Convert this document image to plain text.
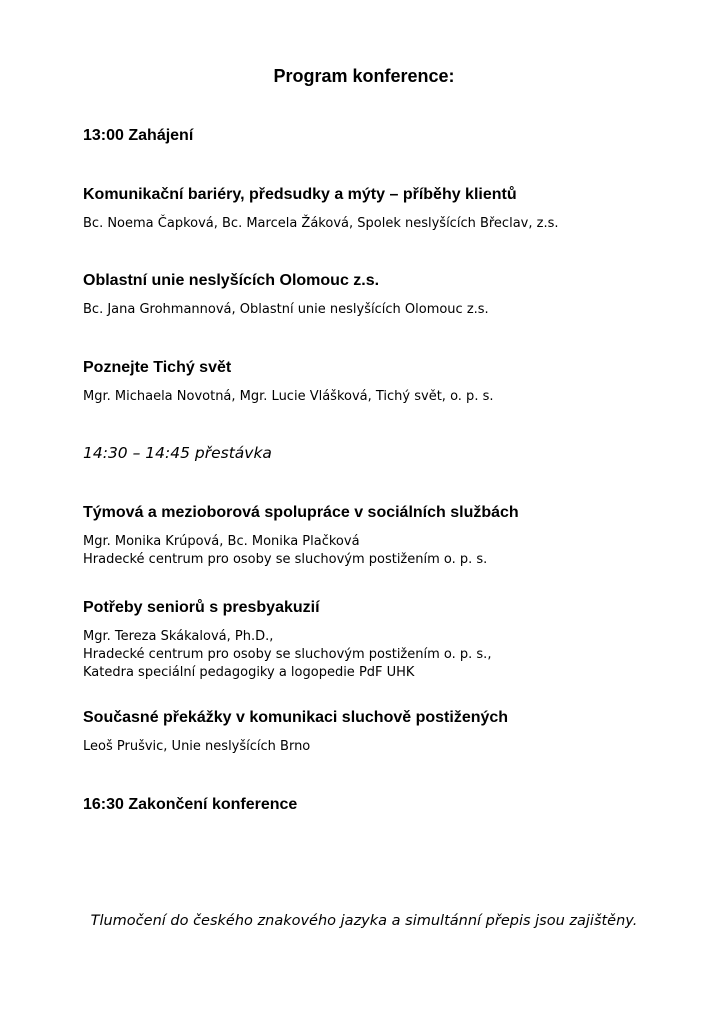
Program konference:
13:00 Zahájení
Komunikační bariéry, předsudky a mýty – příběhy klientů
Bc. Noema Čapková, Bc. Marcela Žáková, Spolek neslyšících Břeclav, z.s.
Oblastní unie neslyšících Olomouc z.s.
Bc. Jana Grohmannová, Oblastní unie neslyšících Olomouc z.s.
Poznejte Tichý svět
Mgr. Michaela Novotná, Mgr. Lucie Vlášková, Tichý svět, o. p. s.
14:30 – 14:45 přestávka
Týmová a mezioborová spolupráce v sociálních službách
Mgr. Monika Krúpová, Bc. Monika Plačková
Hradecké centrum pro osoby se sluchovým postižením o. p. s.
Potřeby seniorů s presbyakuzií
Mgr. Tereza Skákalová, Ph.D.,
Hradecké centrum pro osoby se sluchovým postižením o. p. s.,
Katedra speciální pedagogiky a logopedie PdF UHK
Současné překážky v komunikaci sluchově postižených
Leoš Prušvic, Unie neslyšících Brno
16:30 Zakončení konference
Tlumočení do českého znakového jazyka a simultánní přepis jsou zajištěny.
